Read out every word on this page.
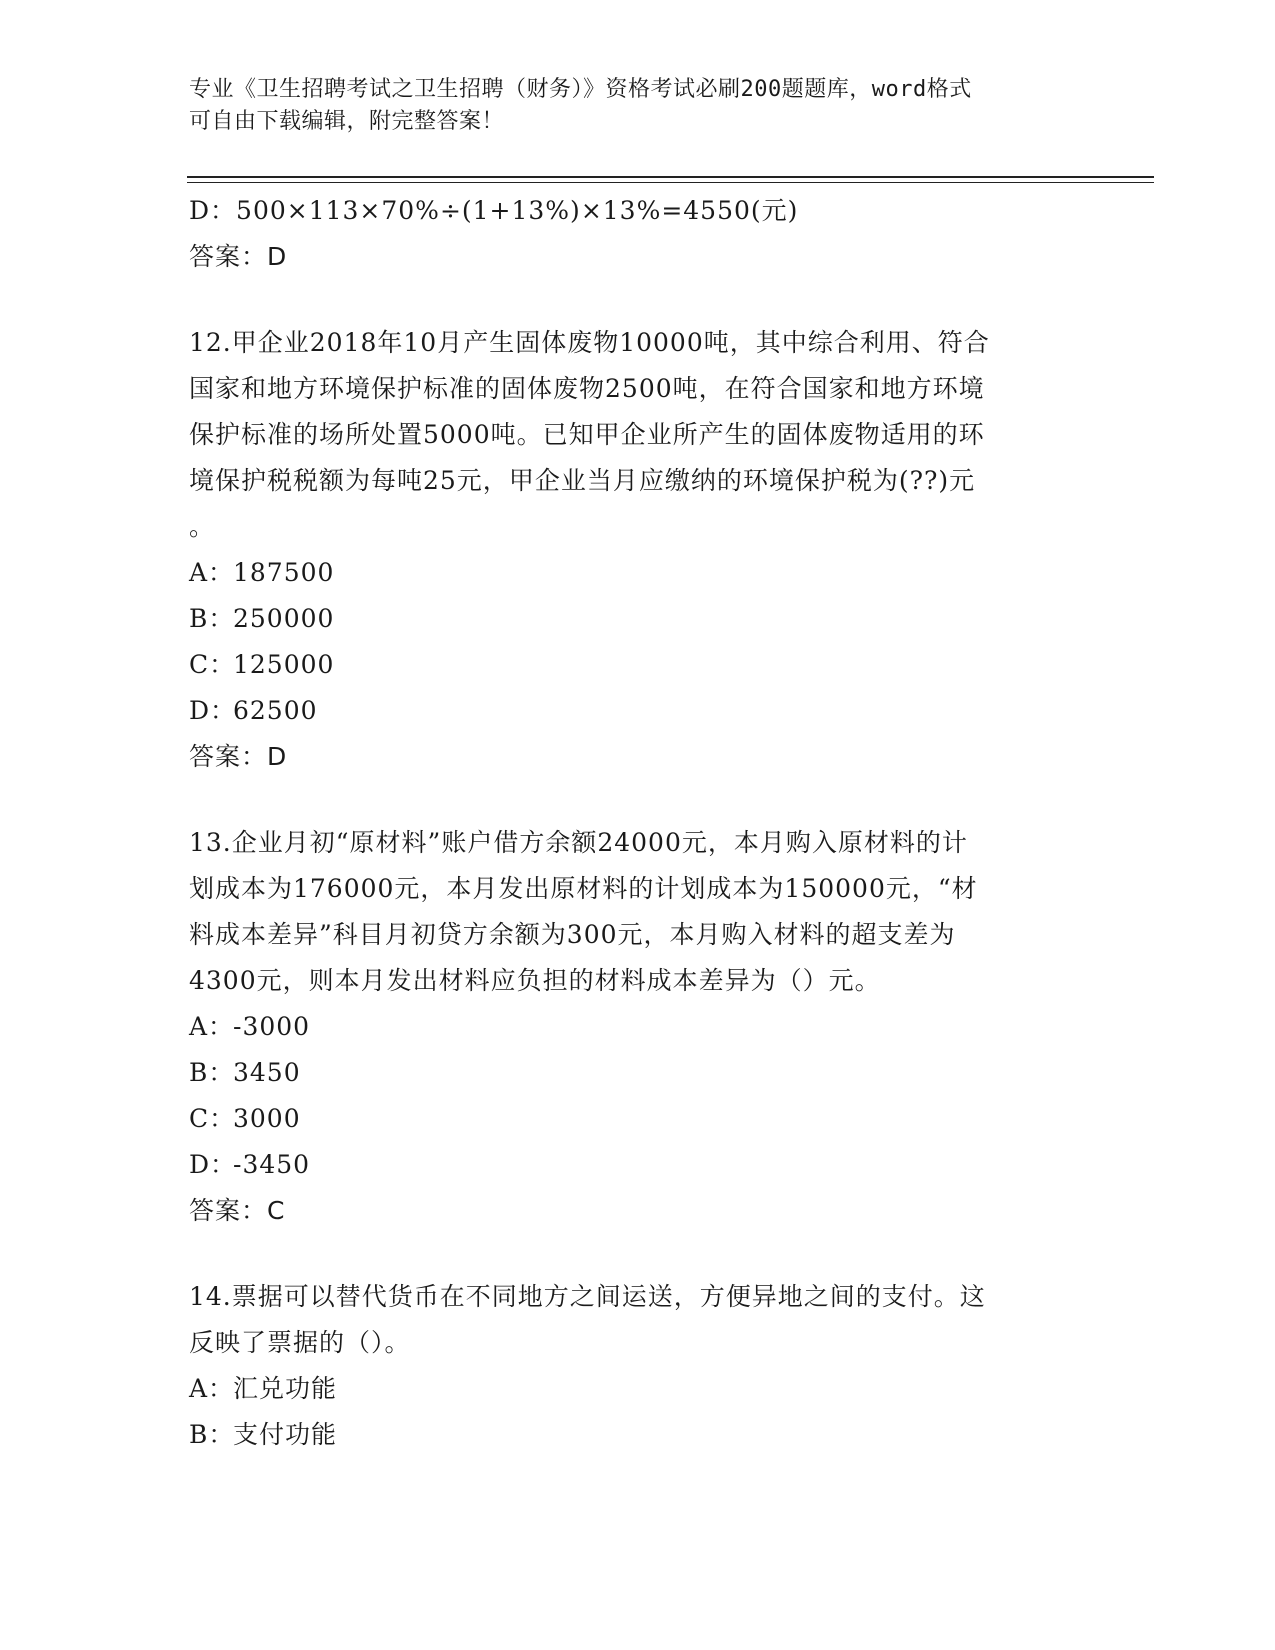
专业《卫生招聘考试之卫生招聘（财务）》资格考试必刷200题题库，word格式
可自由下载编辑，附完整答案！
D：500×113×70%÷(1+13%)×13%=4550(元)
答案：D
12.甲企业2018年10月产生固体废物10000吨，其中综合利用、符合
国家和地方环境保护标准的固体废物2500吨，在符合国家和地方环境
保护标准的场所处置5000吨。已知甲企业所产生的固体废物适用的环
境保护税税额为每吨25元，甲企业当月应缴纳的环境保护税为(??)元
。
A：187500
B：250000
C：125000
D：62500
答案：D
13.企业月初“原材料”账户借方余额24000元，本月购入原材料的计
划成本为176000元，本月发出原材料的计划成本为150000元，“材
料成本差异”科目月初贷方余额为300元，本月购入材料的超支差为
4300元，则本月发出材料应负担的材料成本差异为（）元。
A：-3000
B：3450
C：3000
D：-3450
答案：C
14.票据可以替代货币在不同地方之间运送，方便异地之间的支付。这
反映了票据的（）。
A：汇兑功能
B：支付功能
